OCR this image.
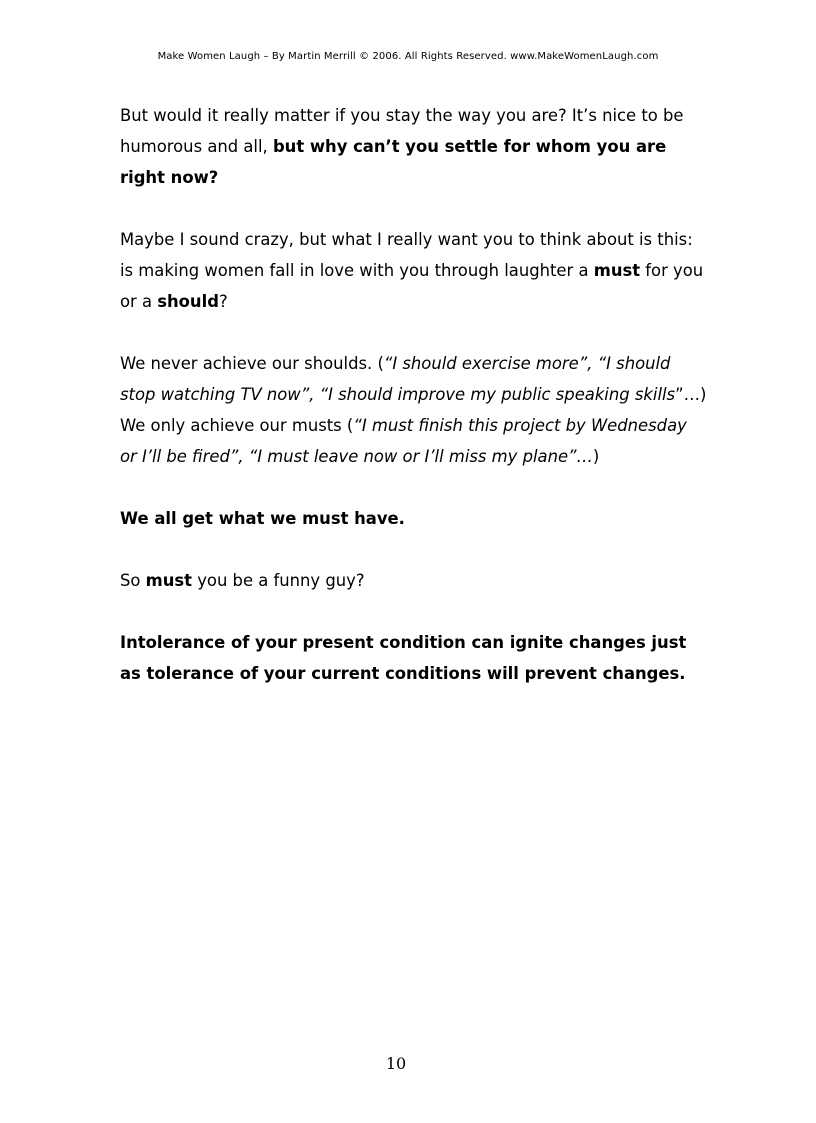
Make Women Laugh – By Martin Merrill © 2006. All Rights Reserved. www.MakeWomenLaugh.com

But would it really matter if you stay the way you are? It’s nice to be
humorous and all, but why can’t you settle for whom you are
right now?

Maybe I sound crazy, but what I really want you to think about is this:
is making women fall in love with you through laughter a must for you
or a should?

We never achieve our shoulds. (“I should exercise more”, “I should
stop watching TV now”, “I should improve my public speaking skills”…)
We only achieve our musts (“I must finish this project by Wednesday
or I’ll be fired”, “I must leave now or I’ll miss my plane”…)

We all get what we must have.

So must you be a funny guy?

Intolerance of your present condition can ignite changes just
as tolerance of your current conditions will prevent changes.

10
